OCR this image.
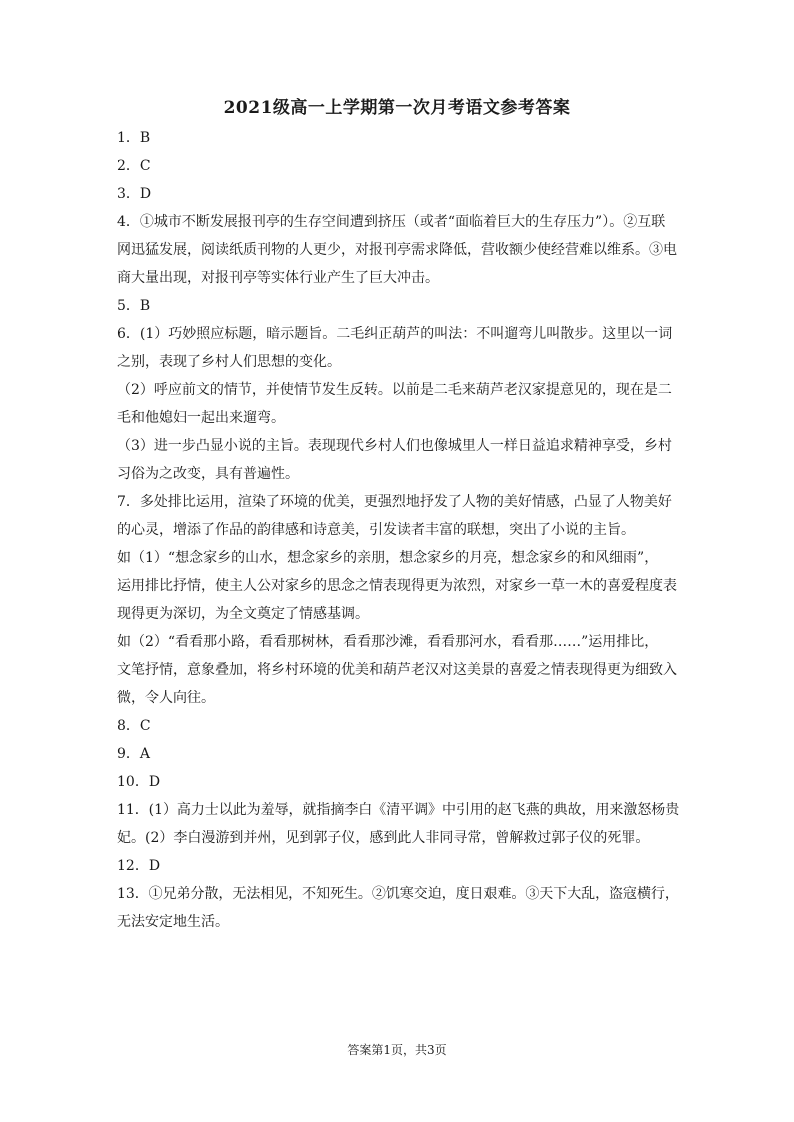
2021级高一上学期第一次月考语文参考答案
1．B
2．C
3．D
4．①城市不断发展报刊亭的生存空间遭到挤压（或者“面临着巨大的生存压力”）。②互联
网迅猛发展，阅读纸质刊物的人更少，对报刊亭需求降低，营收额少使经营难以维系。③电
商大量出现，对报刊亭等实体行业产生了巨大冲击。
5．B
6．(1）巧妙照应标题，暗示题旨。二毛纠正葫芦的叫法：不叫遛弯儿叫散步。这里以一词
之别，表现了乡村人们思想的变化。
（2）呼应前文的情节，并使情节发生反转。以前是二毛来葫芦老汉家提意见的，现在是二
毛和他媳妇一起出来遛弯。
（3）进一步凸显小说的主旨。表现现代乡村人们也像城里人一样日益追求精神享受，乡村
习俗为之改变，具有普遍性。
7．多处排比运用，渲染了环境的优美，更强烈地抒发了人物的美好情感，凸显了人物美好
的心灵，增添了作品的韵律感和诗意美，引发读者丰富的联想，突出了小说的主旨。
如（1）“想念家乡的山水，想念家乡的亲朋，想念家乡的月亮，想念家乡的和风细雨”，
运用排比抒情，使主人公对家乡的思念之情表现得更为浓烈，对家乡一草一木的喜爱程度表
现得更为深切，为全文奠定了情感基调。
如（2）“看看那小路，看看那树林，看看那沙滩，看看那河水，看看那……”运用排比，
文笔抒情，意象叠加，将乡村环境的优美和葫芦老汉对这美景的喜爱之情表现得更为细致入
微，令人向往。
8．C
9．A
10．D
11．(1）高力士以此为羞辱，就指摘李白《清平调》中引用的赵飞燕的典故，用来激怒杨贵
妃。(2）李白漫游到并州，见到郭子仪，感到此人非同寻常，曾解救过郭子仪的死罪。
12．D
13．①兄弟分散，无法相见，不知死生。②饥寒交迫，度日艰难。③天下大乱，盗寇横行，
无法安定地生活。
答案第1页，共3页
